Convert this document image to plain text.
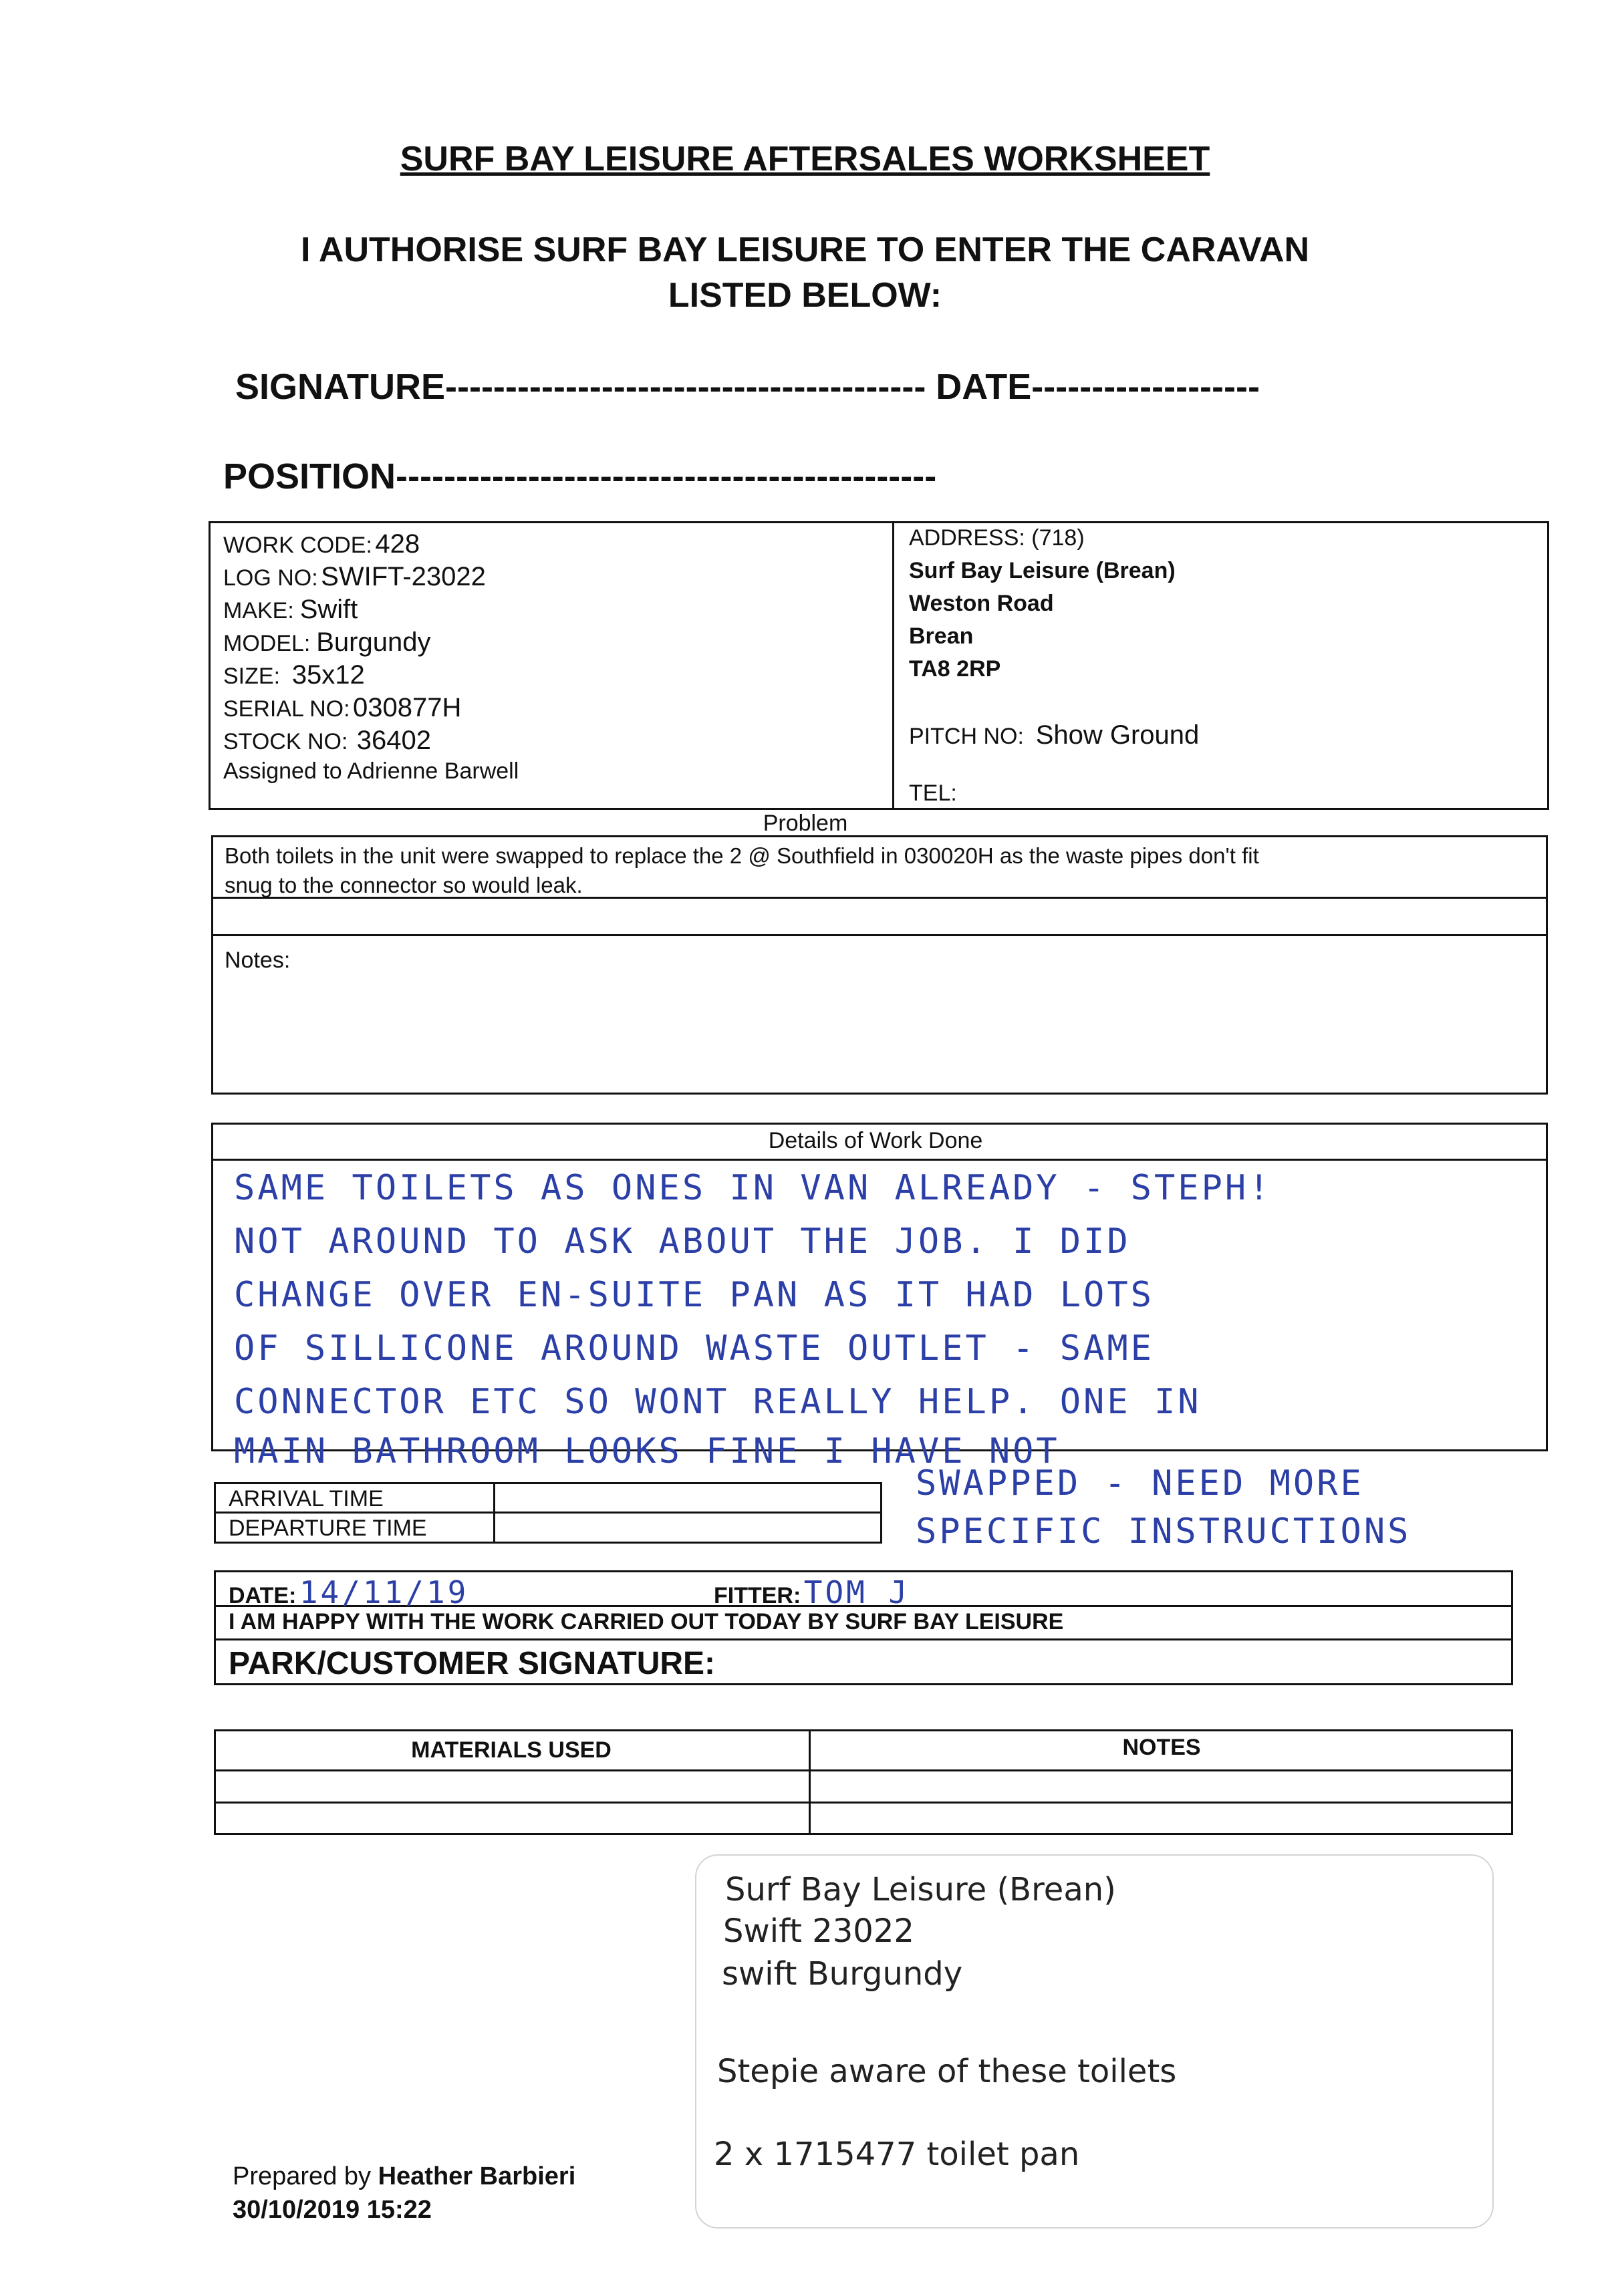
SURF BAY LEISURE AFTERSALES WORKSHEET
I AUTHORISE SURF BAY LEISURE TO ENTER THE CARAVAN
LISTED BELOW:
SIGNATURE---------------------------------------- DATE-------------------
POSITION---------------------------------------------
WORK CODE: 428
LOG NO: SWIFT-23022
MAKE: Swift
MODEL: Burgundy
SIZE: 35x12
SERIAL NO: 030877H
STOCK NO: 36402
Assigned to Adrienne Barwell
ADDRESS: (718)
Surf Bay Leisure (Brean)
Weston Road
Brean
TA8 2RP
PITCH NO: Show Ground
TEL:
Problem
Both toilets in the unit were swapped to replace the 2 @ Southfield in 030020H as the waste pipes don't fit
snug to the connector so would leak.
Notes:
Details of Work Done
SAME TOILETS AS ONES IN VAN ALREADY - STEPH!
NOT AROUND TO ASK ABOUT THE JOB. I DID
CHANGE OVER EN-SUITE PAN AS IT HAD LOTS
OF SILLICONE AROUND WASTE OUTLET - SAME
CONNECTOR ETC SO WONT REALLY HELP. ONE IN
MAIN BATHROOM LOOKS FINE I HAVE NOT
SWAPPED - NEED MORE
SPECIFIC INSTRUCTIONS
ARRIVAL TIME
DEPARTURE TIME
DATE: 14/11/19	FITTER: TOM J
I AM HAPPY WITH THE WORK CARRIED OUT TODAY BY SURF BAY LEISURE
PARK/CUSTOMER SIGNATURE:
MATERIALS USED	NOTES
Surf Bay Leisure (Brean)
Swift 23022
swift Burgundy
Stepie aware of these toilets
2 x 1715477 toilet pan
Prepared by Heather Barbieri
30/10/2019 15:22
